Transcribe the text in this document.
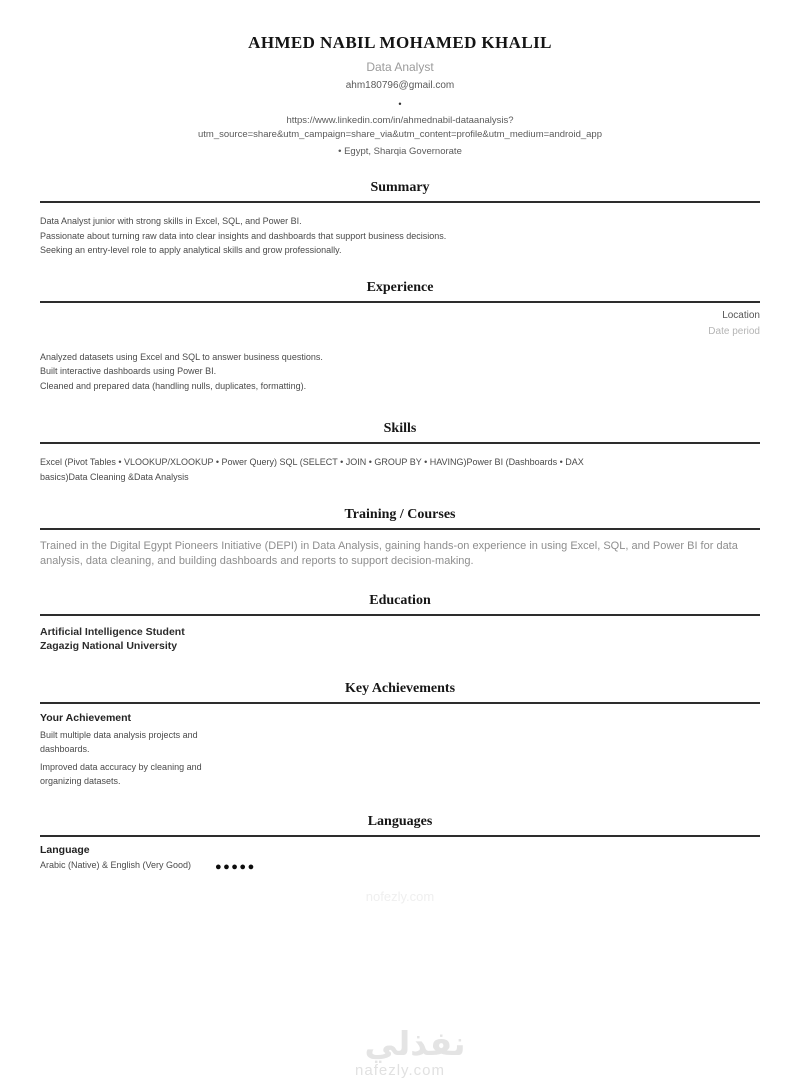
AHMED NABIL MOHAMED KHALIL
Data Analyst
ahm180796@gmail.com
•
https://www.linkedin.com/in/ahmednabil-dataanalysis?
utm_source=share&utm_campaign=share_via&utm_content=profile&utm_medium=android_app
• Egypt, Sharqia Governorate
Summary
Data Analyst junior with strong skills in Excel, SQL, and Power BI.
Passionate about turning raw data into clear insights and dashboards that support business decisions.
Seeking an entry-level role to apply analytical skills and grow professionally.
Experience
Location
Date period
Analyzed datasets using Excel and SQL to answer business questions.
Built interactive dashboards using Power BI.
Cleaned and prepared data (handling nulls, duplicates, formatting).
Skills
Excel (Pivot Tables • VLOOKUP/XLOOKUP • Power Query) SQL (SELECT • JOIN • GROUP BY • HAVING)Power BI (Dashboards • DAX basics)Data Cleaning &Data Analysis
Training / Courses
Trained in the Digital Egypt Pioneers Initiative (DEPI) in Data Analysis, gaining hands-on experience in using Excel, SQL, and Power BI for data analysis, data cleaning, and building dashboards and reports to support decision-making.
Education
Artificial Intelligence Student
Zagazig National University
Key Achievements
Your Achievement
Built multiple data analysis projects and dashboards.
Improved data accuracy by cleaning and organizing datasets.
Languages
Language
Arabic (Native) & English (Very Good)	●●●●●
nofezly.com
نفذلي
nafezly.com
